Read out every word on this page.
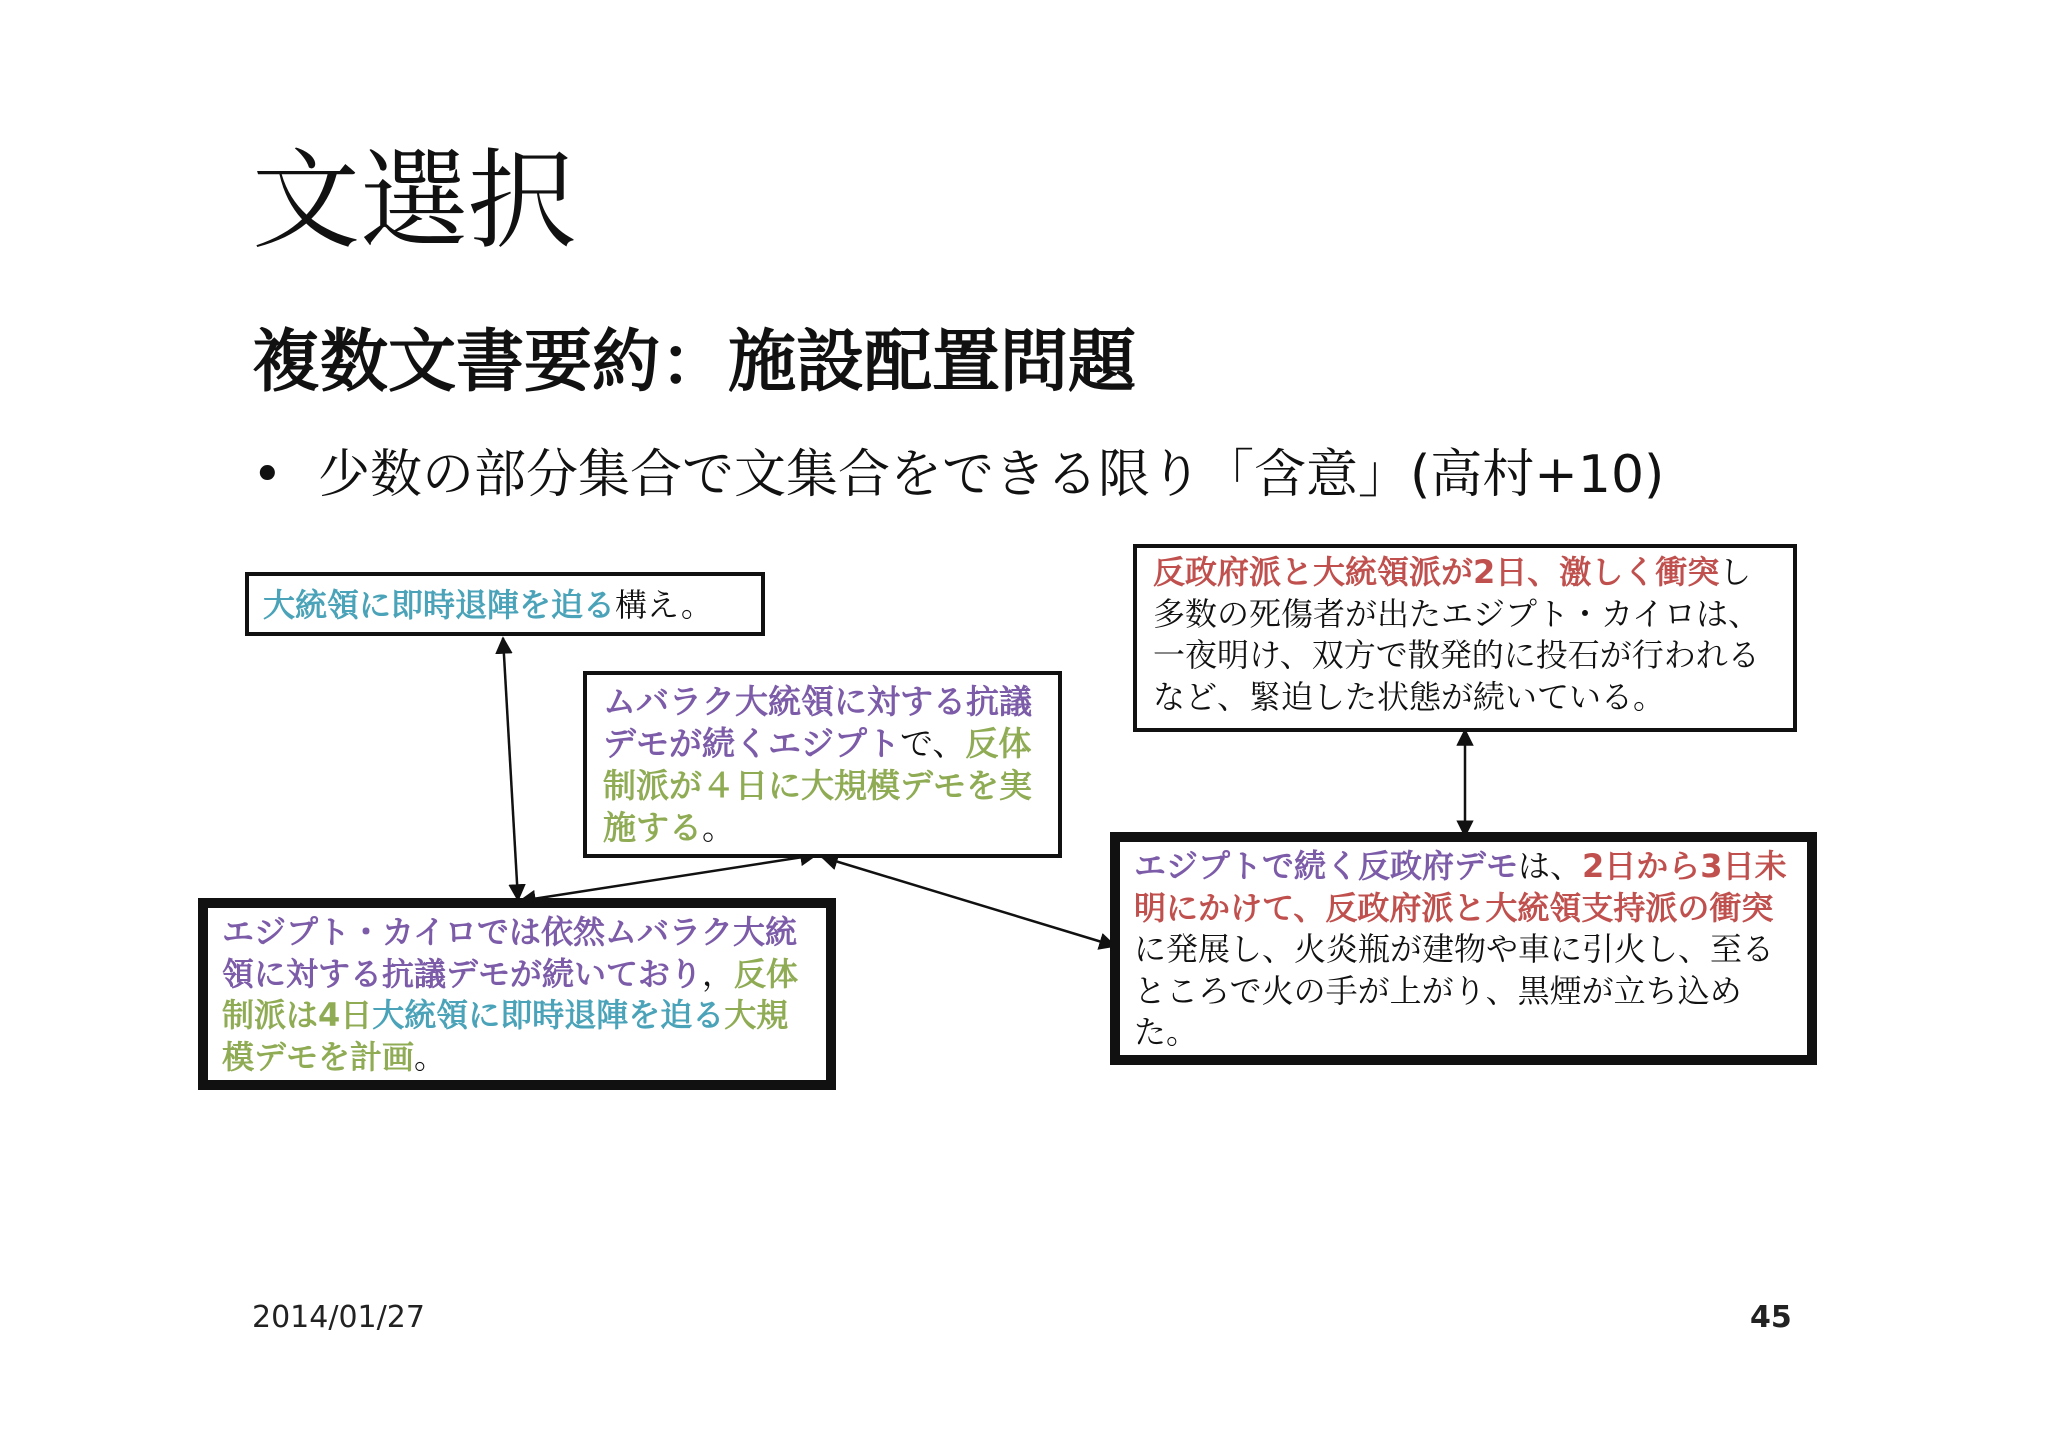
文選択
複数文書要約：施設配置問題
• 少数の部分集合で文集合をできる限り「含意」(高村+10)
大統領に即時退陣を迫る構え。
ムバラク大統領に対する抗議デモが続くエジプトで、反体制派が４日に大規模デモを実施する。
エジプト・カイロでは依然ムバラク大統領に対する抗議デモが続いており，反体制派は4日大統領に即時退陣を迫る大規模デモを計画。
反政府派と大統領派が2日、激しく衝突し多数の死傷者が出たエジプト・カイロは、一夜明け、双方で散発的に投石が行われるなど、緊迫した状態が続いている。
エジプトで続く反政府デモは、2日から3日未明にかけて、反政府派と大統領支持派の衝突に発展し、火炎瓶が建物や車に引火し、至るところで火の手が上がり、黒煙が立ち込めた。
2014/01/27	45
